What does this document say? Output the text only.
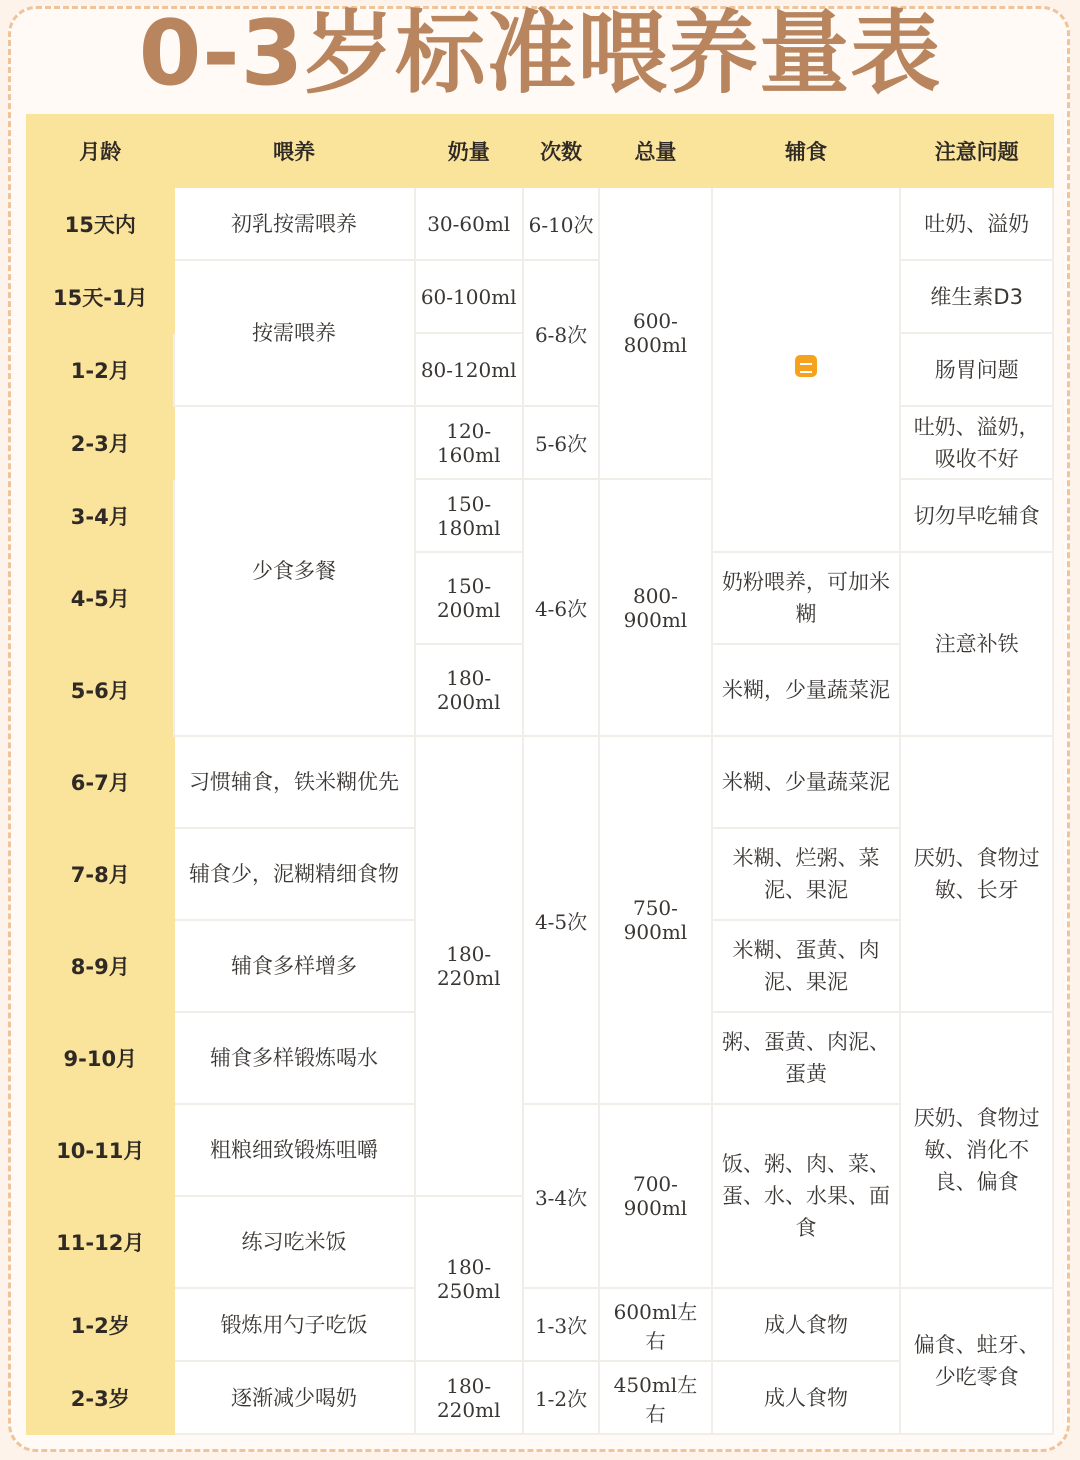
0-3岁标准喂养量表
月龄	喂养	奶量	次数	总量	辅食	注意问题
15天内	初乳按需喂养	30-60ml	6-10次	600-800ml		吐奶、溢奶
15天-1月	按需喂养	60-100ml	6-8次			维生素D3
1-2月		80-120ml				肠胃问题
2-3月	少食多餐	120-160ml	5-6次			吐奶、溢奶，吸收不好
3-4月		150-180ml	4-6次	800-900ml		切勿早吃辅食
4-5月		150-200ml			奶粉喂养，可加米糊	注意补铁
5-6月		180-200ml			米糊，少量蔬菜泥	
6-7月	习惯辅食，铁米糊优先	180-220ml	4-5次	750-900ml	米糊、少量蔬菜泥	厌奶、食物过敏、长牙
7-8月	辅食少，泥糊精细食物				米糊、烂粥、菜泥、果泥	
8-9月	辅食多样增多				米糊、蛋黄、肉泥、果泥	
9-10月	辅食多样锻炼喝水				粥、蛋黄、肉泥、蛋黄	厌奶、食物过敏、消化不良、偏食
10-11月	粗粮细致锻炼咀嚼		3-4次	700-900ml	饭、粥、肉、菜、蛋、水、水果、面食	
11-12月	练习吃米饭	180-250ml				
1-2岁	锻炼用勺子吃饭		1-3次	600ml左右	成人食物	偏食、蛀牙、少吃零食
2-3岁	逐渐减少喝奶	180-220ml	1-2次	450ml左右	成人食物	
